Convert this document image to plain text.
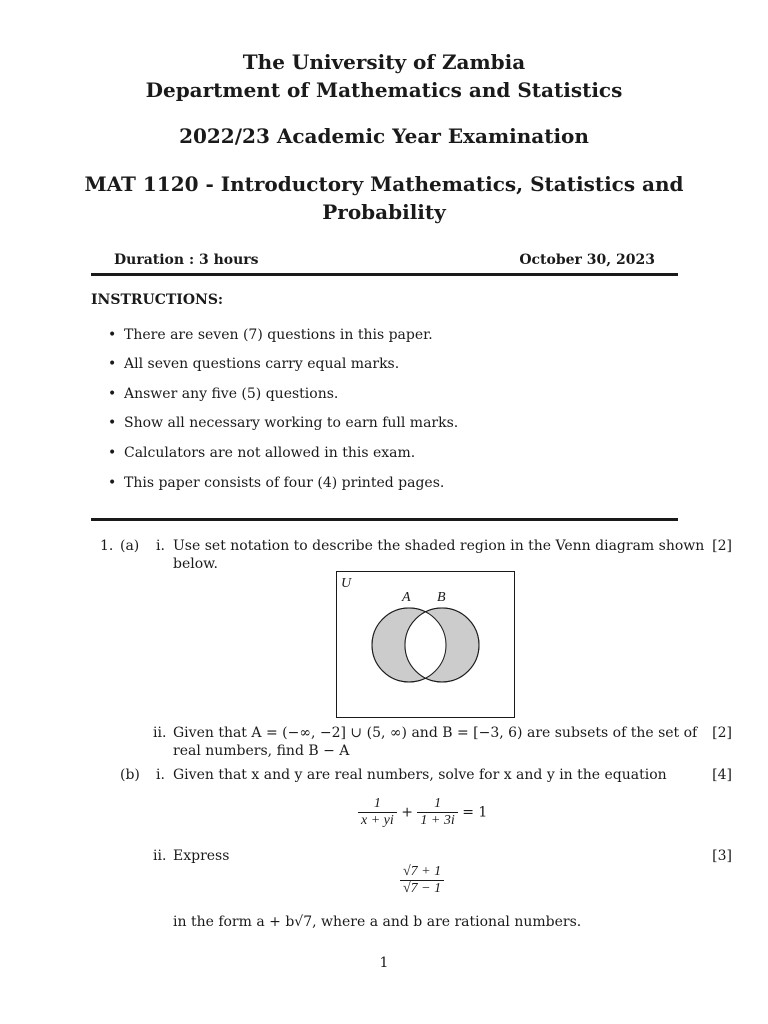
The University of Zambia
Department of Mathematics and Statistics
2022/23 Academic Year Examination
MAT 1120 - Introductory Mathematics, Statistics and
Probability
Duration : 3 hours	October 30, 2023
INSTRUCTIONS:
• There are seven (7) questions in this paper.
• All seven questions carry equal marks.
• Answer any five (5) questions.
• Show all necessary working to earn full marks.
• Calculators are not allowed in this exam.
• This paper consists of four (4) printed pages.
1. (a) i. Use set notation to describe the shaded region in the Venn diagram shown
below.
[2]
U
A B
ii. Given that A = (−∞, −2] ∪ (5, ∞) and B = [−3, 6) are subsets of the set of
real numbers, find B − A
[2]
(b) i. Given that x and y are real numbers, solve for x and y in the equation	[4]
$\frac{1}{x + yi} + \frac{1}{1 + 3i} = 1$
ii. Express	[3]
$\frac{√7 + 1}{√7 - 1}$
in the form a + b√7, where a and b are rational numbers.
1
